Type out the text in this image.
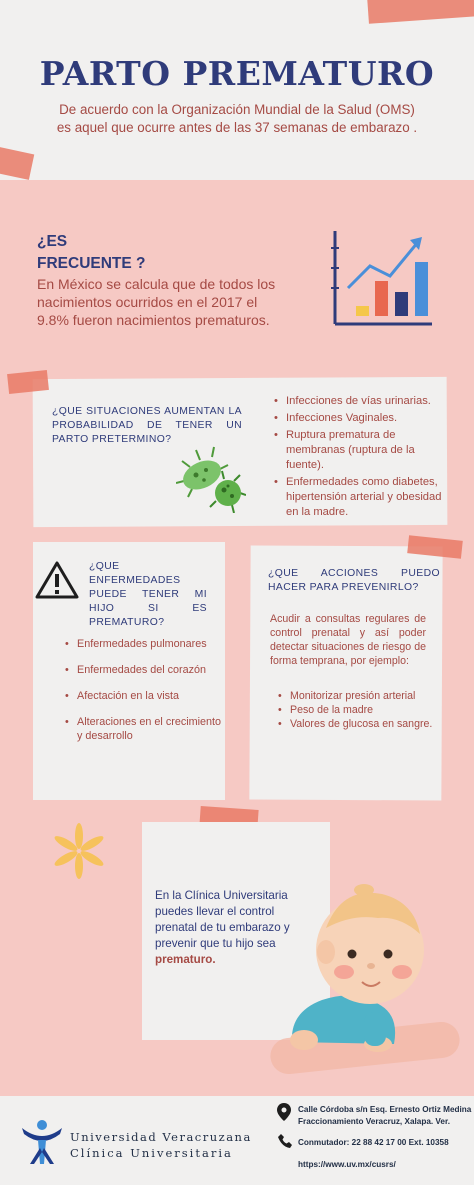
PARTO PREMATURO
De acuerdo con la Organización Mundial de la Salud (OMS)
es aquel que ocurre antes de las 37 semanas de embarazo .
¿ES
FRECUENTE ?
En México se calcula que de todos los nacimientos ocurridos en el 2017 el 9.8% fueron nacimientos prematuros.
¿QUE SITUACIONES AUMENTAN LA PROBABILIDAD DE TENER UN PARTO PRETERMINO?
• Infecciones de vías urinarias.
• Infecciones Vaginales.
• Ruptura prematura de membranas (ruptura de la fuente).
• Enfermedades como diabetes, hipertensión arterial y obesidad en la madre.
¿QUE ENFERMEDADES PUEDE TENER MI HIJO SI ES PREMATURO?
• Enfermedades pulmonares
• Enfermedades del corazón
• Afectación en la vista
• Alteraciones en el crecimiento y desarrollo
¿QUE ACCIONES PUEDO HACER PARA PREVENIRLO?
Acudir a consultas regulares de control prenatal y así poder detectar situaciones de riesgo de forma temprana, por ejemplo:
• Monitorizar presión arterial
• Peso de la madre
• Valores de glucosa en sangre.
En la Clínica Universitaria puedes llevar el control prenatal de tu embarazo y prevenir que tu hijo sea prematuro.
Universidad Veracruzana
Clínica Universitaria
Calle Córdoba s/n Esq. Ernesto Ortiz Medina
Fraccionamiento Veracruz, Xalapa. Ver.
Conmutador: 22 88 42 17 00 Ext. 10358
https://www.uv.mx/cusrs/
